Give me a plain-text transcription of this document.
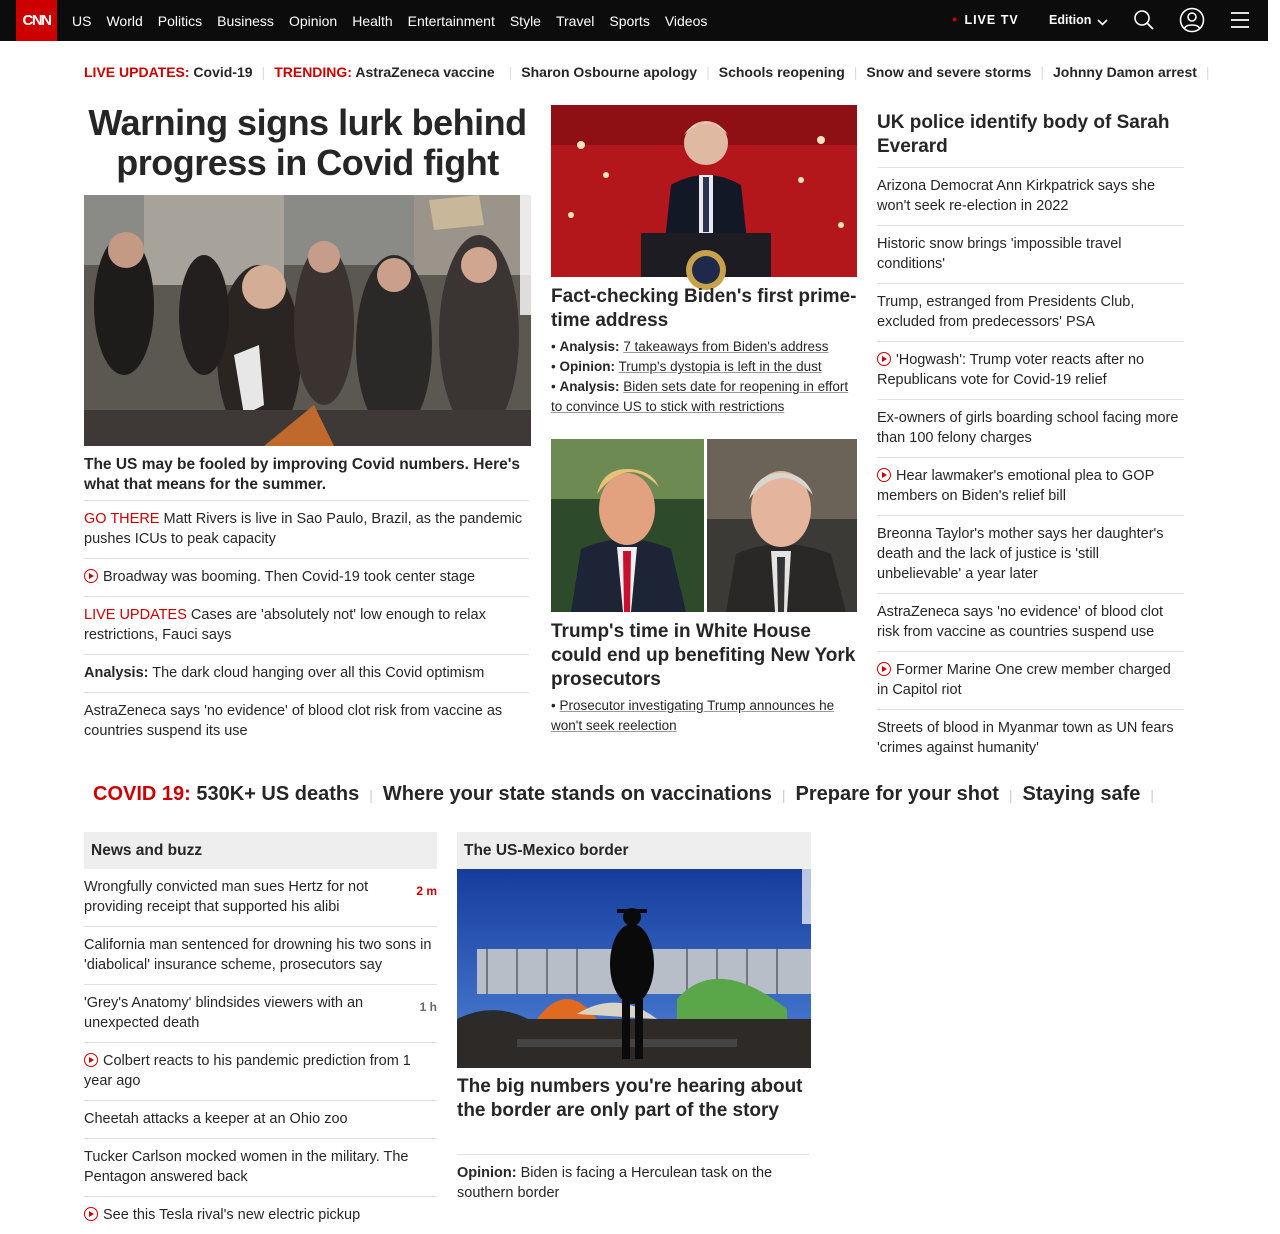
CNN	US World Politics Business Opinion Health Entertainment Style Travel Sports Videos	● LIVE TV Edition
LIVE UPDATES: Covid-19 | TRENDING: AstraZeneca vaccine | Sharon Osbourne apology | Schools reopening | Snow and severe storms | Johnny Damon arrest |
Warning signs lurk behind progress in Covid fight
The US may be fooled by improving Covid numbers. Here's what that means for the summer.
GO THERE Matt Rivers is live in Sao Paulo, Brazil, as the pandemic pushes ICUs to peak capacity
Broadway was booming. Then Covid-19 took center stage
LIVE UPDATES Cases are 'absolutely not' low enough to relax restrictions, Fauci says
Analysis: The dark cloud hanging over all this Covid optimism
AstraZeneca says 'no evidence' of blood clot risk from vaccine as countries suspend its use
Fact-checking Biden's first prime-time address
• Analysis: 7 takeaways from Biden's address
• Opinion: Trump's dystopia is left in the dust
• Analysis: Biden sets date for reopening in effort to convince US to stick with restrictions
Trump's time in White House could end up benefiting New York prosecutors
• Prosecutor investigating Trump announces he won't seek reelection
UK police identify body of Sarah Everard
Arizona Democrat Ann Kirkpatrick says she won't seek re-election in 2022
Historic snow brings 'impossible travel conditions'
Trump, estranged from Presidents Club, excluded from predecessors' PSA
'Hogwash': Trump voter reacts after no Republicans vote for Covid-19 relief
Ex-owners of girls boarding school facing more than 100 felony charges
Hear lawmaker's emotional plea to GOP members on Biden's relief bill
Breonna Taylor's mother says her daughter's death and the lack of justice is 'still unbelievable' a year later
AstraZeneca says 'no evidence' of blood clot risk from vaccine as countries suspend use
Former Marine One crew member charged in Capitol riot
Streets of blood in Myanmar town as UN fears 'crimes against humanity'
COVID 19:
530K+ US deaths | Where your state stands on vaccinations | Prepare for your shot | Staying safe |
News and buzz
Wrongfully convicted man sues Hertz for not providing receipt that supported his alibi
2 m
California man sentenced for drowning his two sons in 'diabolical' insurance scheme, prosecutors say
'Grey's Anatomy' blindsides viewers with an unexpected death
1 h
Colbert reacts to his pandemic prediction from 1 year ago
Cheetah attacks a keeper at an Ohio zoo
Tucker Carlson mocked women in the military. The Pentagon answered back
See this Tesla rival's new electric pickup
The US-Mexico border
The big numbers you're hearing about the border are only part of the story
Opinion: Biden is facing a Herculean task on the southern border
